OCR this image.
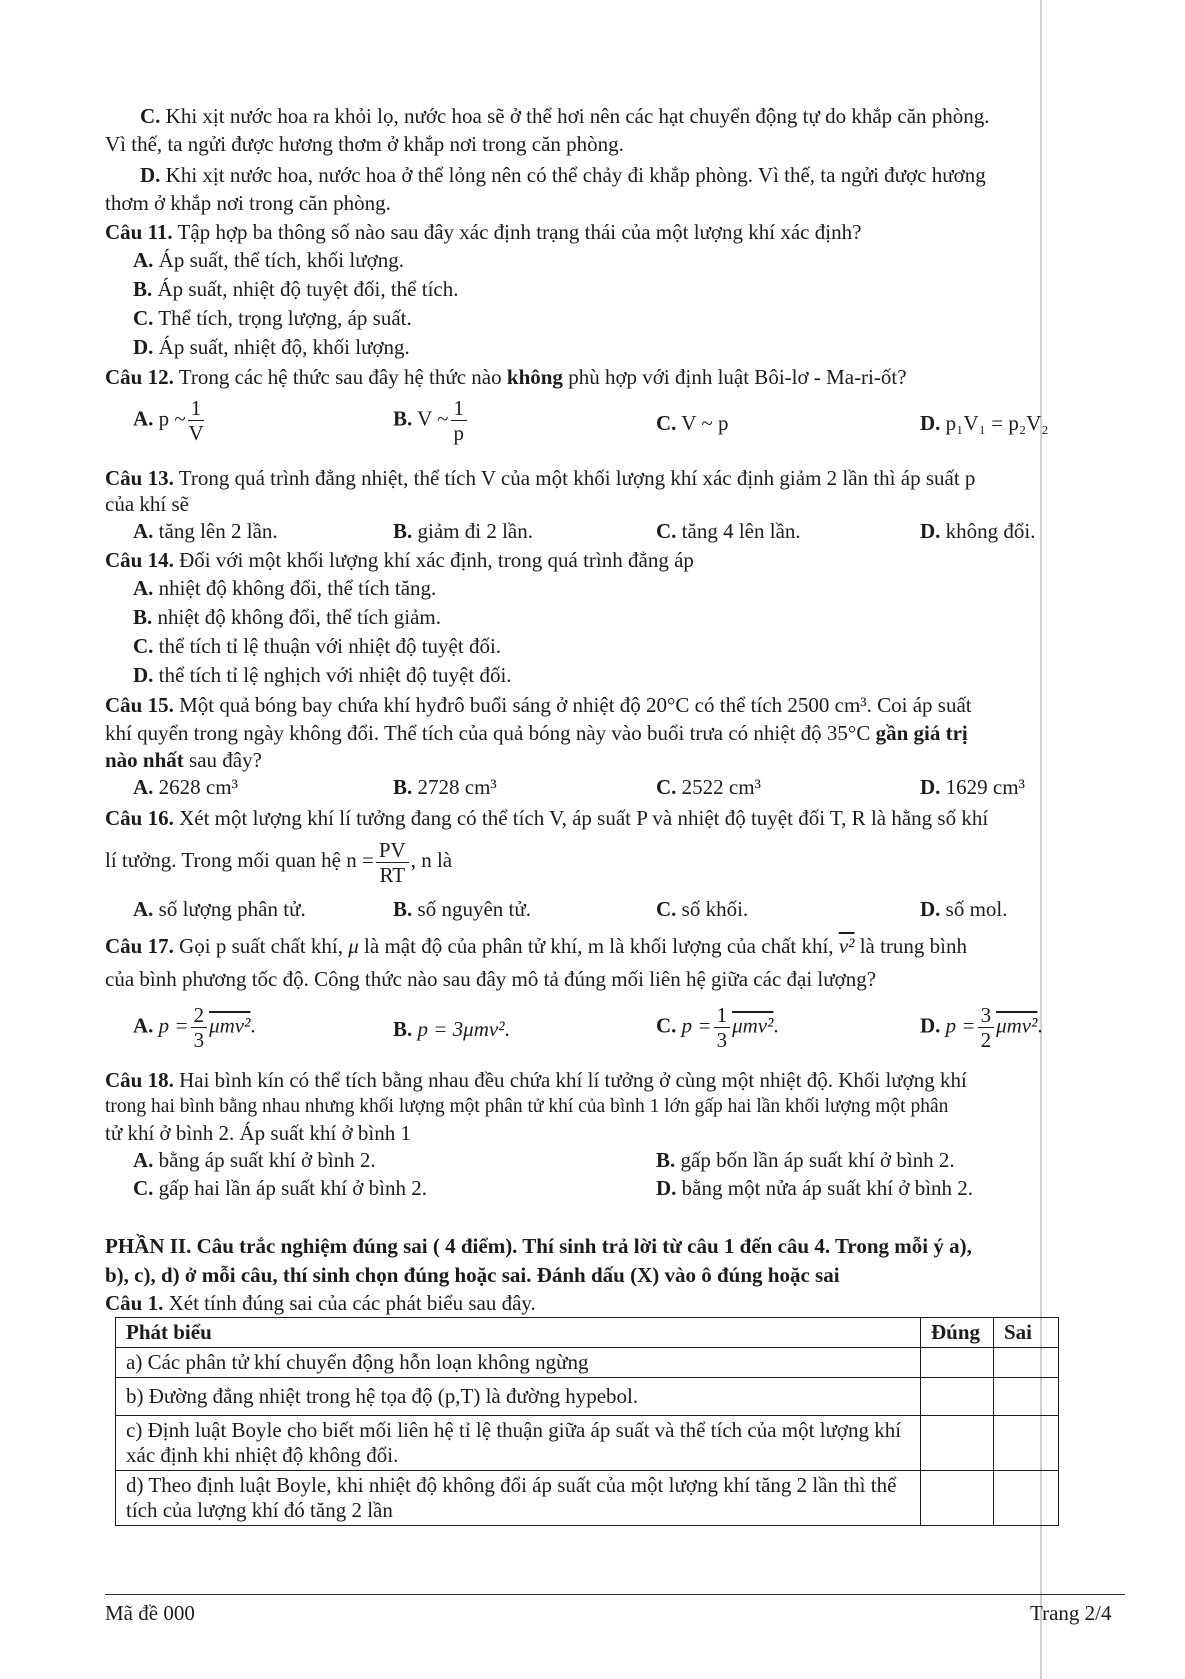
C. Khi xịt nước hoa ra khỏi lọ, nước hoa sẽ ở thể hơi nên các hạt chuyển động tự do khắp căn phòng.
Vì thế, ta ngửi được hương thơm ở khắp nơi trong căn phòng.
D. Khi xịt nước hoa, nước hoa ở thể lỏng nên có thể chảy đi khắp phòng. Vì thế, ta ngửi được hương
thơm ở khắp nơi trong căn phòng.
Câu 11. Tập hợp ba thông số nào sau đây xác định trạng thái của một lượng khí xác định?
A. Áp suất, thể tích, khối lượng.
B. Áp suất, nhiệt độ tuyệt đối, thể tích.
C. Thể tích, trọng lượng, áp suất.
D. Áp suất, nhiệt độ, khối lượng.
Câu 12. Trong các hệ thức sau đây hệ thức nào không phù hợp với định luật Bôi-lơ - Ma-ri-ốt?
A. p ~ $\frac{1}{V}$	B. V ~ $\frac{1}{p}$	C. V ~ p	D. p₁V₁ = p₂V₂
Câu 13. Trong quá trình đẳng nhiệt, thể tích V của một khối lượng khí xác định giảm 2 lần thì áp suất p
của khí sẽ
A. tăng lên 2 lần.	B. giảm đi 2 lần.	C. tăng 4 lên lần.	D. không đổi.
Câu 14. Đối với một khối lượng khí xác định, trong quá trình đẳng áp
A. nhiệt độ không đổi, thể tích tăng.
B. nhiệt độ không đổi, thể tích giảm.
C. thể tích tỉ lệ thuận với nhiệt độ tuyệt đối.
D. thể tích tỉ lệ nghịch với nhiệt độ tuyệt đối.
Câu 15. Một quả bóng bay chứa khí hyđrô buổi sáng ở nhiệt độ 20°C có thể tích 2500 cm³. Coi áp suất
khí quyển trong ngày không đổi. Thể tích của quả bóng này vào buổi trưa có nhiệt độ 35°C gần giá trị
nào nhất sau đây?
A. 2628 cm³	B. 2728 cm³	C. 2522 cm³	D. 1629 cm³
Câu 16. Xét một lượng khí lí tưởng đang có thể tích V, áp suất P và nhiệt độ tuyệt đối T, R là hằng số khí
lí tưởng. Trong mối quan hệ $n = \frac{PV}{RT}$ , n là
A. số lượng phân tử.	B. số nguyên tử.	C. số khối.	D. số mol.
Câu 17. Gọi p suất chất khí, μ là mật độ của phân tử khí, m là khối lượng của chất khí, v² là trung bình
của bình phương tốc độ. Công thức nào sau đây mô tả đúng mối liên hệ giữa các đại lượng?
A. $p = \frac{2}{3} \mu mv^2$.	B. p = 3μmv².	C. $p = \frac{1}{3} \mu mv^2$.	D. $p = \frac{3}{2} \mu mv^2$.
Câu 18. Hai bình kín có thể tích bằng nhau đều chứa khí lí tưởng ở cùng một nhiệt độ. Khối lượng khí
trong hai bình bằng nhau nhưng khối lượng một phân tử khí của bình 1 lớn gấp hai lần khối lượng một phân
tử khí ở bình 2. Áp suất khí ở bình 1
A. bằng áp suất khí ở bình 2.	B. gấp bốn lần áp suất khí ở bình 2.
C. gấp hai lần áp suất khí ở bình 2.	D. bằng một nửa áp suất khí ở bình 2.
PHẦN II. Câu trắc nghiệm đúng sai ( 4 điểm). Thí sinh trả lời từ câu 1 đến câu 4. Trong mỗi ý a),
b), c), d) ở mỗi câu, thí sinh chọn đúng hoặc sai. Đánh dấu (X) vào ô đúng hoặc sai
Câu 1. Xét tính đúng sai của các phát biểu sau đây.
Phát biểu	Đúng	Sai
a) Các phân tử khí chuyển động hỗn loạn không ngừng		
b) Đường đẳng nhiệt trong hệ tọa độ (p,T) là đường hypebol.		
c) Định luật Boyle cho biết mối liên hệ tỉ lệ thuận giữa áp suất và thể tích của một lượng khí xác định khi nhiệt độ không đổi.		
d) Theo định luật Boyle, khi nhiệt độ không đổi áp suất của một lượng khí tăng 2 lần thì thể tích của lượng khí đó tăng 2 lần		
Mã đề 000	Trang 2/4
